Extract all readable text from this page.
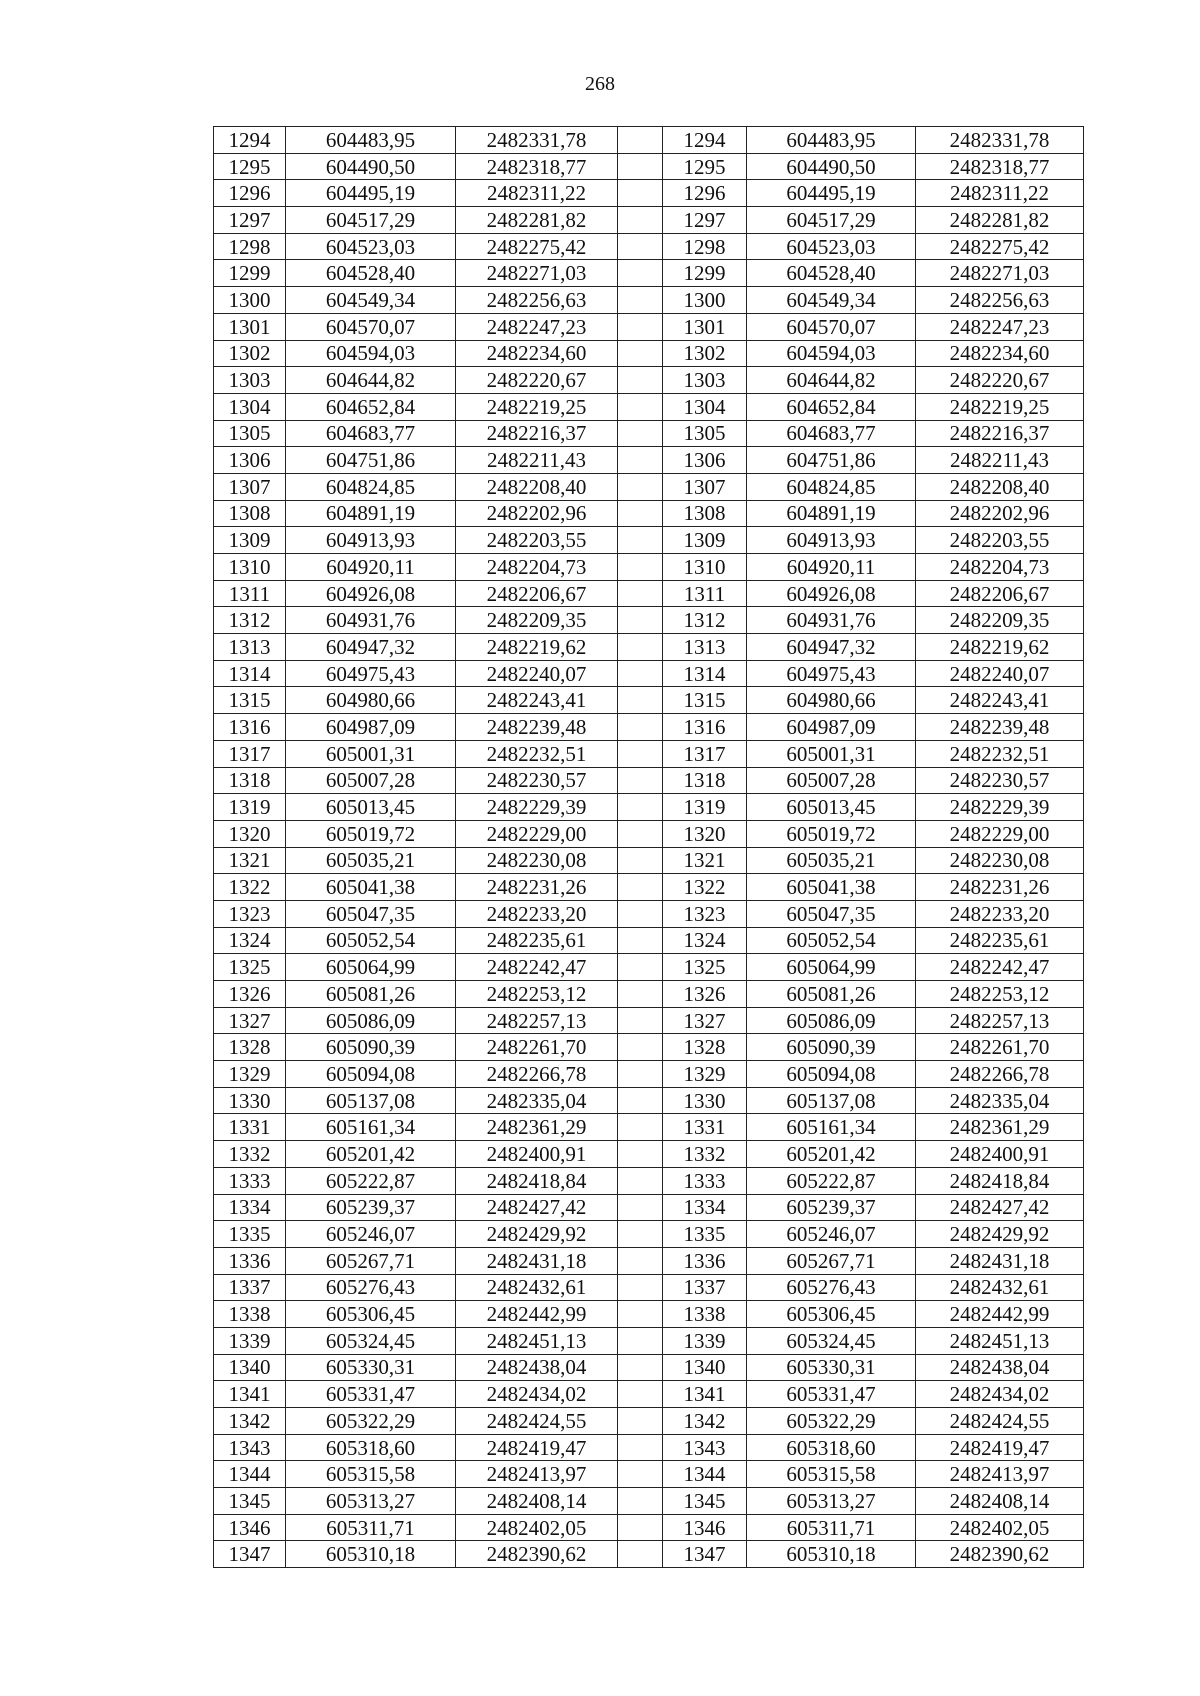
268
1294	604483,95	2482331,78		1294	604483,95	2482331,78
1295	604490,50	2482318,77		1295	604490,50	2482318,77
1296	604495,19	2482311,22		1296	604495,19	2482311,22
1297	604517,29	2482281,82		1297	604517,29	2482281,82
1298	604523,03	2482275,42		1298	604523,03	2482275,42
1299	604528,40	2482271,03		1299	604528,40	2482271,03
1300	604549,34	2482256,63		1300	604549,34	2482256,63
1301	604570,07	2482247,23		1301	604570,07	2482247,23
1302	604594,03	2482234,60		1302	604594,03	2482234,60
1303	604644,82	2482220,67		1303	604644,82	2482220,67
1304	604652,84	2482219,25		1304	604652,84	2482219,25
1305	604683,77	2482216,37		1305	604683,77	2482216,37
1306	604751,86	2482211,43		1306	604751,86	2482211,43
1307	604824,85	2482208,40		1307	604824,85	2482208,40
1308	604891,19	2482202,96		1308	604891,19	2482202,96
1309	604913,93	2482203,55		1309	604913,93	2482203,55
1310	604920,11	2482204,73		1310	604920,11	2482204,73
1311	604926,08	2482206,67		1311	604926,08	2482206,67
1312	604931,76	2482209,35		1312	604931,76	2482209,35
1313	604947,32	2482219,62		1313	604947,32	2482219,62
1314	604975,43	2482240,07		1314	604975,43	2482240,07
1315	604980,66	2482243,41		1315	604980,66	2482243,41
1316	604987,09	2482239,48		1316	604987,09	2482239,48
1317	605001,31	2482232,51		1317	605001,31	2482232,51
1318	605007,28	2482230,57		1318	605007,28	2482230,57
1319	605013,45	2482229,39		1319	605013,45	2482229,39
1320	605019,72	2482229,00		1320	605019,72	2482229,00
1321	605035,21	2482230,08		1321	605035,21	2482230,08
1322	605041,38	2482231,26		1322	605041,38	2482231,26
1323	605047,35	2482233,20		1323	605047,35	2482233,20
1324	605052,54	2482235,61		1324	605052,54	2482235,61
1325	605064,99	2482242,47		1325	605064,99	2482242,47
1326	605081,26	2482253,12		1326	605081,26	2482253,12
1327	605086,09	2482257,13		1327	605086,09	2482257,13
1328	605090,39	2482261,70		1328	605090,39	2482261,70
1329	605094,08	2482266,78		1329	605094,08	2482266,78
1330	605137,08	2482335,04		1330	605137,08	2482335,04
1331	605161,34	2482361,29		1331	605161,34	2482361,29
1332	605201,42	2482400,91		1332	605201,42	2482400,91
1333	605222,87	2482418,84		1333	605222,87	2482418,84
1334	605239,37	2482427,42		1334	605239,37	2482427,42
1335	605246,07	2482429,92		1335	605246,07	2482429,92
1336	605267,71	2482431,18		1336	605267,71	2482431,18
1337	605276,43	2482432,61		1337	605276,43	2482432,61
1338	605306,45	2482442,99		1338	605306,45	2482442,99
1339	605324,45	2482451,13		1339	605324,45	2482451,13
1340	605330,31	2482438,04		1340	605330,31	2482438,04
1341	605331,47	2482434,02		1341	605331,47	2482434,02
1342	605322,29	2482424,55		1342	605322,29	2482424,55
1343	605318,60	2482419,47		1343	605318,60	2482419,47
1344	605315,58	2482413,97		1344	605315,58	2482413,97
1345	605313,27	2482408,14		1345	605313,27	2482408,14
1346	605311,71	2482402,05		1346	605311,71	2482402,05
1347	605310,18	2482390,62		1347	605310,18	2482390,62
